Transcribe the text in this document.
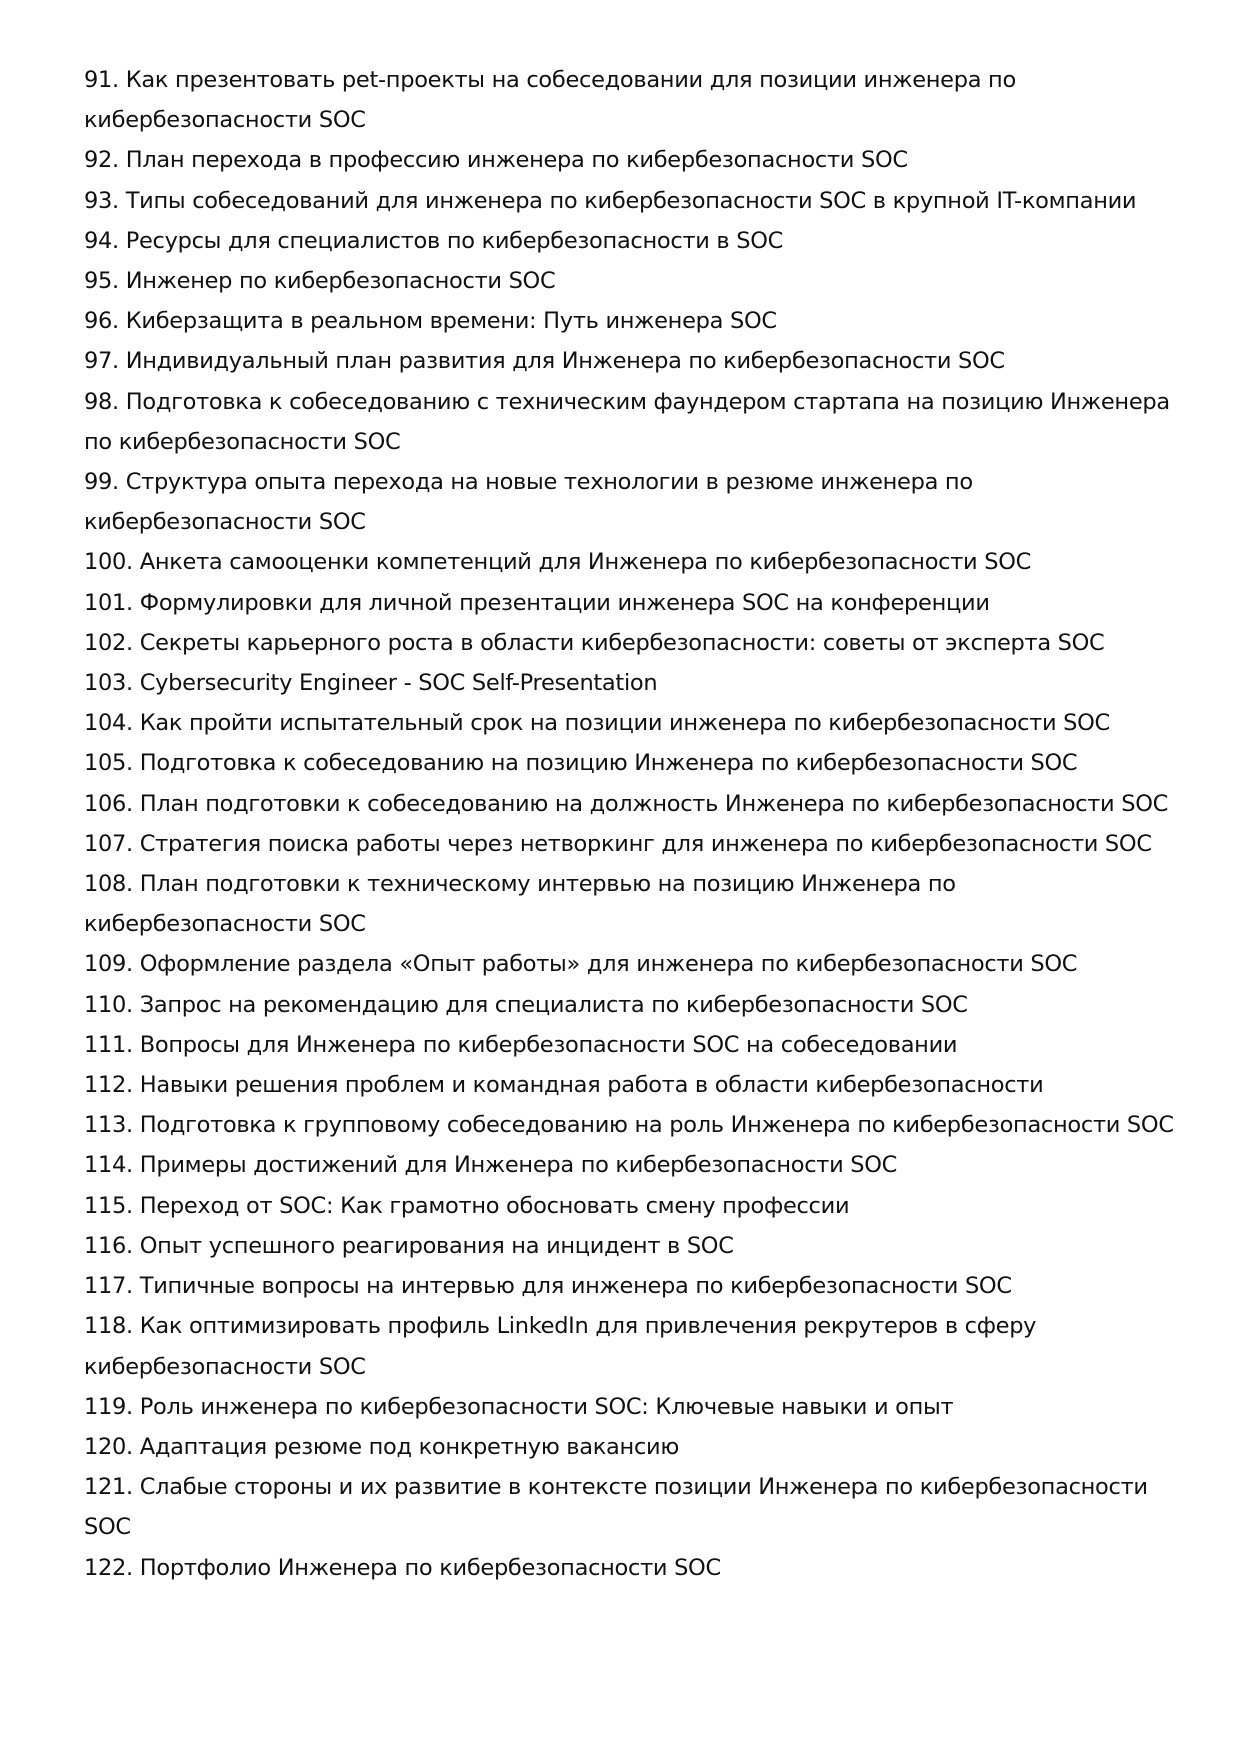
91. Как презентовать pet-проекты на собеседовании для позиции инженера по кибербезопасности SOC
92. План перехода в профессию инженера по кибербезопасности SOC
93. Типы собеседований для инженера по кибербезопасности SOC в крупной IT-компании
94. Ресурсы для специалистов по кибербезопасности в SOC
95. Инженер по кибербезопасности SOC
96. Киберзащита в реальном времени: Путь инженера SOC
97. Индивидуальный план развития для Инженера по кибербезопасности SOC
98. Подготовка к собеседованию с техническим фаундером стартапа на позицию Инженера по кибербезопасности SOC
99. Структура опыта перехода на новые технологии в резюме инженера по кибербезопасности SOC
100. Анкета самооценки компетенций для Инженера по кибербезопасности SOC
101. Формулировки для личной презентации инженера SOC на конференции
102. Секреты карьерного роста в области кибербезопасности: советы от эксперта SOC
103. Cybersecurity Engineer - SOC Self-Presentation
104. Как пройти испытательный срок на позиции инженера по кибербезопасности SOC
105. Подготовка к собеседованию на позицию Инженера по кибербезопасности SOC
106. План подготовки к собеседованию на должность Инженера по кибербезопасности SOC
107. Стратегия поиска работы через нетворкинг для инженера по кибербезопасности SOC
108. План подготовки к техническому интервью на позицию Инженера по кибербезопасности SOC
109. Оформление раздела «Опыт работы» для инженера по кибербезопасности SOC
110. Запрос на рекомендацию для специалиста по кибербезопасности SOC
111. Вопросы для Инженера по кибербезопасности SOC на собеседовании
112. Навыки решения проблем и командная работа в области кибербезопасности
113. Подготовка к групповому собеседованию на роль Инженера по кибербезопасности SOC
114. Примеры достижений для Инженера по кибербезопасности SOC
115. Переход от SOC: Как грамотно обосновать смену профессии
116. Опыт успешного реагирования на инцидент в SOC
117. Типичные вопросы на интервью для инженера по кибербезопасности SOC
118. Как оптимизировать профиль LinkedIn для привлечения рекрутеров в сферу кибербезопасности SOC
119. Роль инженера по кибербезопасности SOC: Ключевые навыки и опыт
120. Адаптация резюме под конкретную вакансию
121. Слабые стороны и их развитие в контексте позиции Инженера по кибербезопасности SOC
122. Портфолио Инженера по кибербезопасности SOC
